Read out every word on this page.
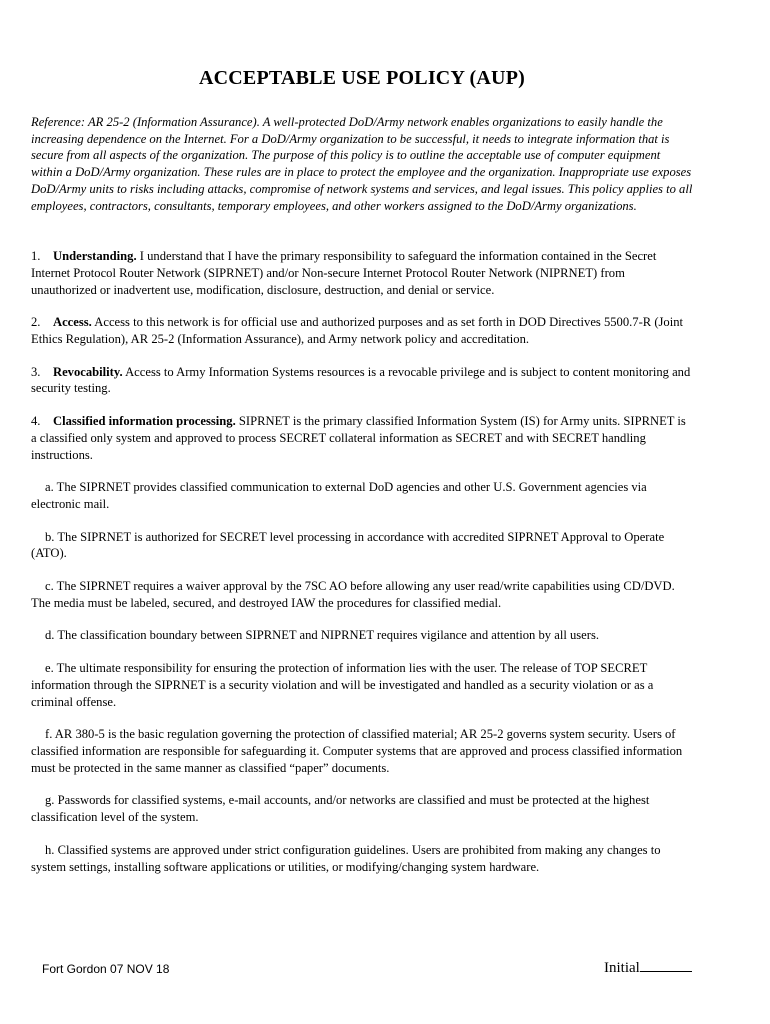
ACCEPTABLE USE POLICY (AUP)
Reference: AR 25-2 (Information Assurance). A well-protected DoD/Army network enables organizations to easily handle the increasing dependence on the Internet. For a DoD/Army organization to be successful, it needs to integrate information that is secure from all aspects of the organization. The purpose of this policy is to outline the acceptable use of computer equipment within a DoD/Army organization. These rules are in place to protect the employee and the organization. Inappropriate use exposes DoD/Army units to risks including attacks, compromise of network systems and services, and legal issues. This policy applies to all employees, contractors, consultants, temporary employees, and other workers assigned to the DoD/Army organizations.
1. Understanding. I understand that I have the primary responsibility to safeguard the information contained in the Secret Internet Protocol Router Network (SIPRNET) and/or Non-secure Internet Protocol Router Network (NIPRNET) from unauthorized or inadvertent use, modification, disclosure, destruction, and denial or service.
2. Access. Access to this network is for official use and authorized purposes and as set forth in DOD Directives 5500.7-R (Joint Ethics Regulation), AR 25-2 (Information Assurance), and Army network policy and accreditation.
3. Revocability. Access to Army Information Systems resources is a revocable privilege and is subject to content monitoring and security testing.
4. Classified information processing. SIPRNET is the primary classified Information System (IS) for Army units. SIPRNET is a classified only system and approved to process SECRET collateral information as SECRET and with SECRET handling instructions.
a. The SIPRNET provides classified communication to external DoD agencies and other U.S. Government agencies via electronic mail.
b. The SIPRNET is authorized for SECRET level processing in accordance with accredited SIPRNET Approval to Operate (ATO).
c. The SIPRNET requires a waiver approval by the 7SC AO before allowing any user read/write capabilities using CD/DVD. The media must be labeled, secured, and destroyed IAW the procedures for classified medial.
d. The classification boundary between SIPRNET and NIPRNET requires vigilance and attention by all users.
e. The ultimate responsibility for ensuring the protection of information lies with the user. The release of TOP SECRET information through the SIPRNET is a security violation and will be investigated and handled as a security violation or as a criminal offense.
f. AR 380-5 is the basic regulation governing the protection of classified material; AR 25-2 governs system security. Users of classified information are responsible for safeguarding it. Computer systems that are approved and process classified information must be protected in the same manner as classified “paper” documents.
g. Passwords for classified systems, e-mail accounts, and/or networks are classified and must be protected at the highest classification level of the system.
h. Classified systems are approved under strict configuration guidelines. Users are prohibited from making any changes to system settings, installing software applications or utilities, or modifying/changing system hardware.
Fort Gordon 07 NOV 18	Initial
